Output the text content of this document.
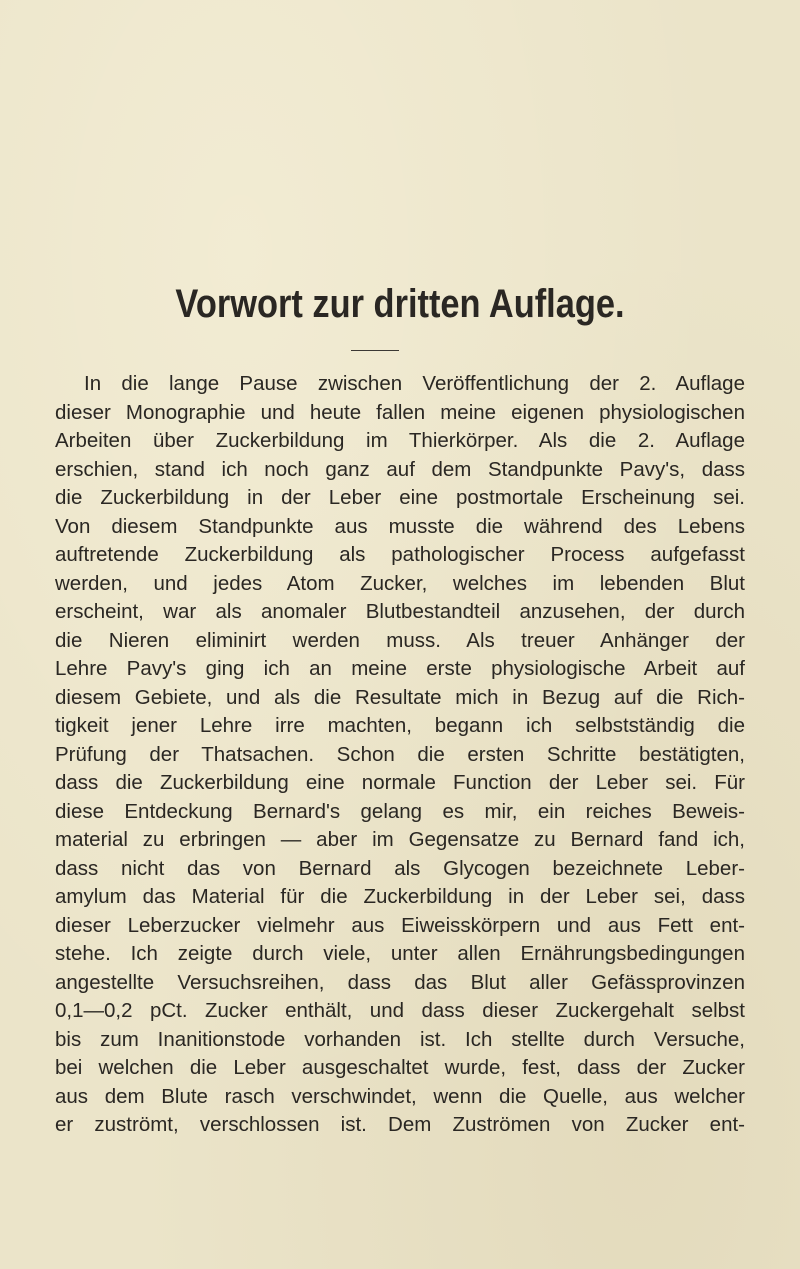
Vorwort zur dritten Auflage.
In die lange Pause zwischen Veröffentlichung der 2. Auflage
dieser Monographie und heute fallen meine eigenen physiologischen
Arbeiten über Zuckerbildung im Thierkörper. Als die 2. Auflage
erschien, stand ich noch ganz auf dem Standpunkte Pavy's, dass
die Zuckerbildung in der Leber eine postmortale Erscheinung sei.
Von diesem Standpunkte aus musste die während des Lebens
auftretende Zuckerbildung als pathologischer Process aufgefasst
werden, und jedes Atom Zucker, welches im lebenden Blut
erscheint, war als anomaler Blutbestandteil anzusehen, der durch
die Nieren eliminirt werden muss. Als treuer Anhänger der
Lehre Pavy's ging ich an meine erste physiologische Arbeit auf
diesem Gebiete, und als die Resultate mich in Bezug auf die Rich-
tigkeit jener Lehre irre machten, begann ich selbstständig die
Prüfung der Thatsachen. Schon die ersten Schritte bestätigten,
dass die Zuckerbildung eine normale Function der Leber sei. Für
diese Entdeckung Bernard's gelang es mir, ein reiches Beweis-
material zu erbringen — aber im Gegensatze zu Bernard fand ich,
dass nicht das von Bernard als Glycogen bezeichnete Leber-
amylum das Material für die Zuckerbildung in der Leber sei, dass
dieser Leberzucker vielmehr aus Eiweisskörpern und aus Fett ent-
stehe. Ich zeigte durch viele, unter allen Ernährungsbedingungen
angestellte Versuchsreihen, dass das Blut aller Gefässprovinzen
0,1—0,2 pCt. Zucker enthält, und dass dieser Zuckergehalt selbst
bis zum Inanitionstode vorhanden ist. Ich stellte durch Versuche,
bei welchen die Leber ausgeschaltet wurde, fest, dass der Zucker
aus dem Blute rasch verschwindet, wenn die Quelle, aus welcher
er zuströmt, verschlossen ist. Dem Zuströmen von Zucker ent-
